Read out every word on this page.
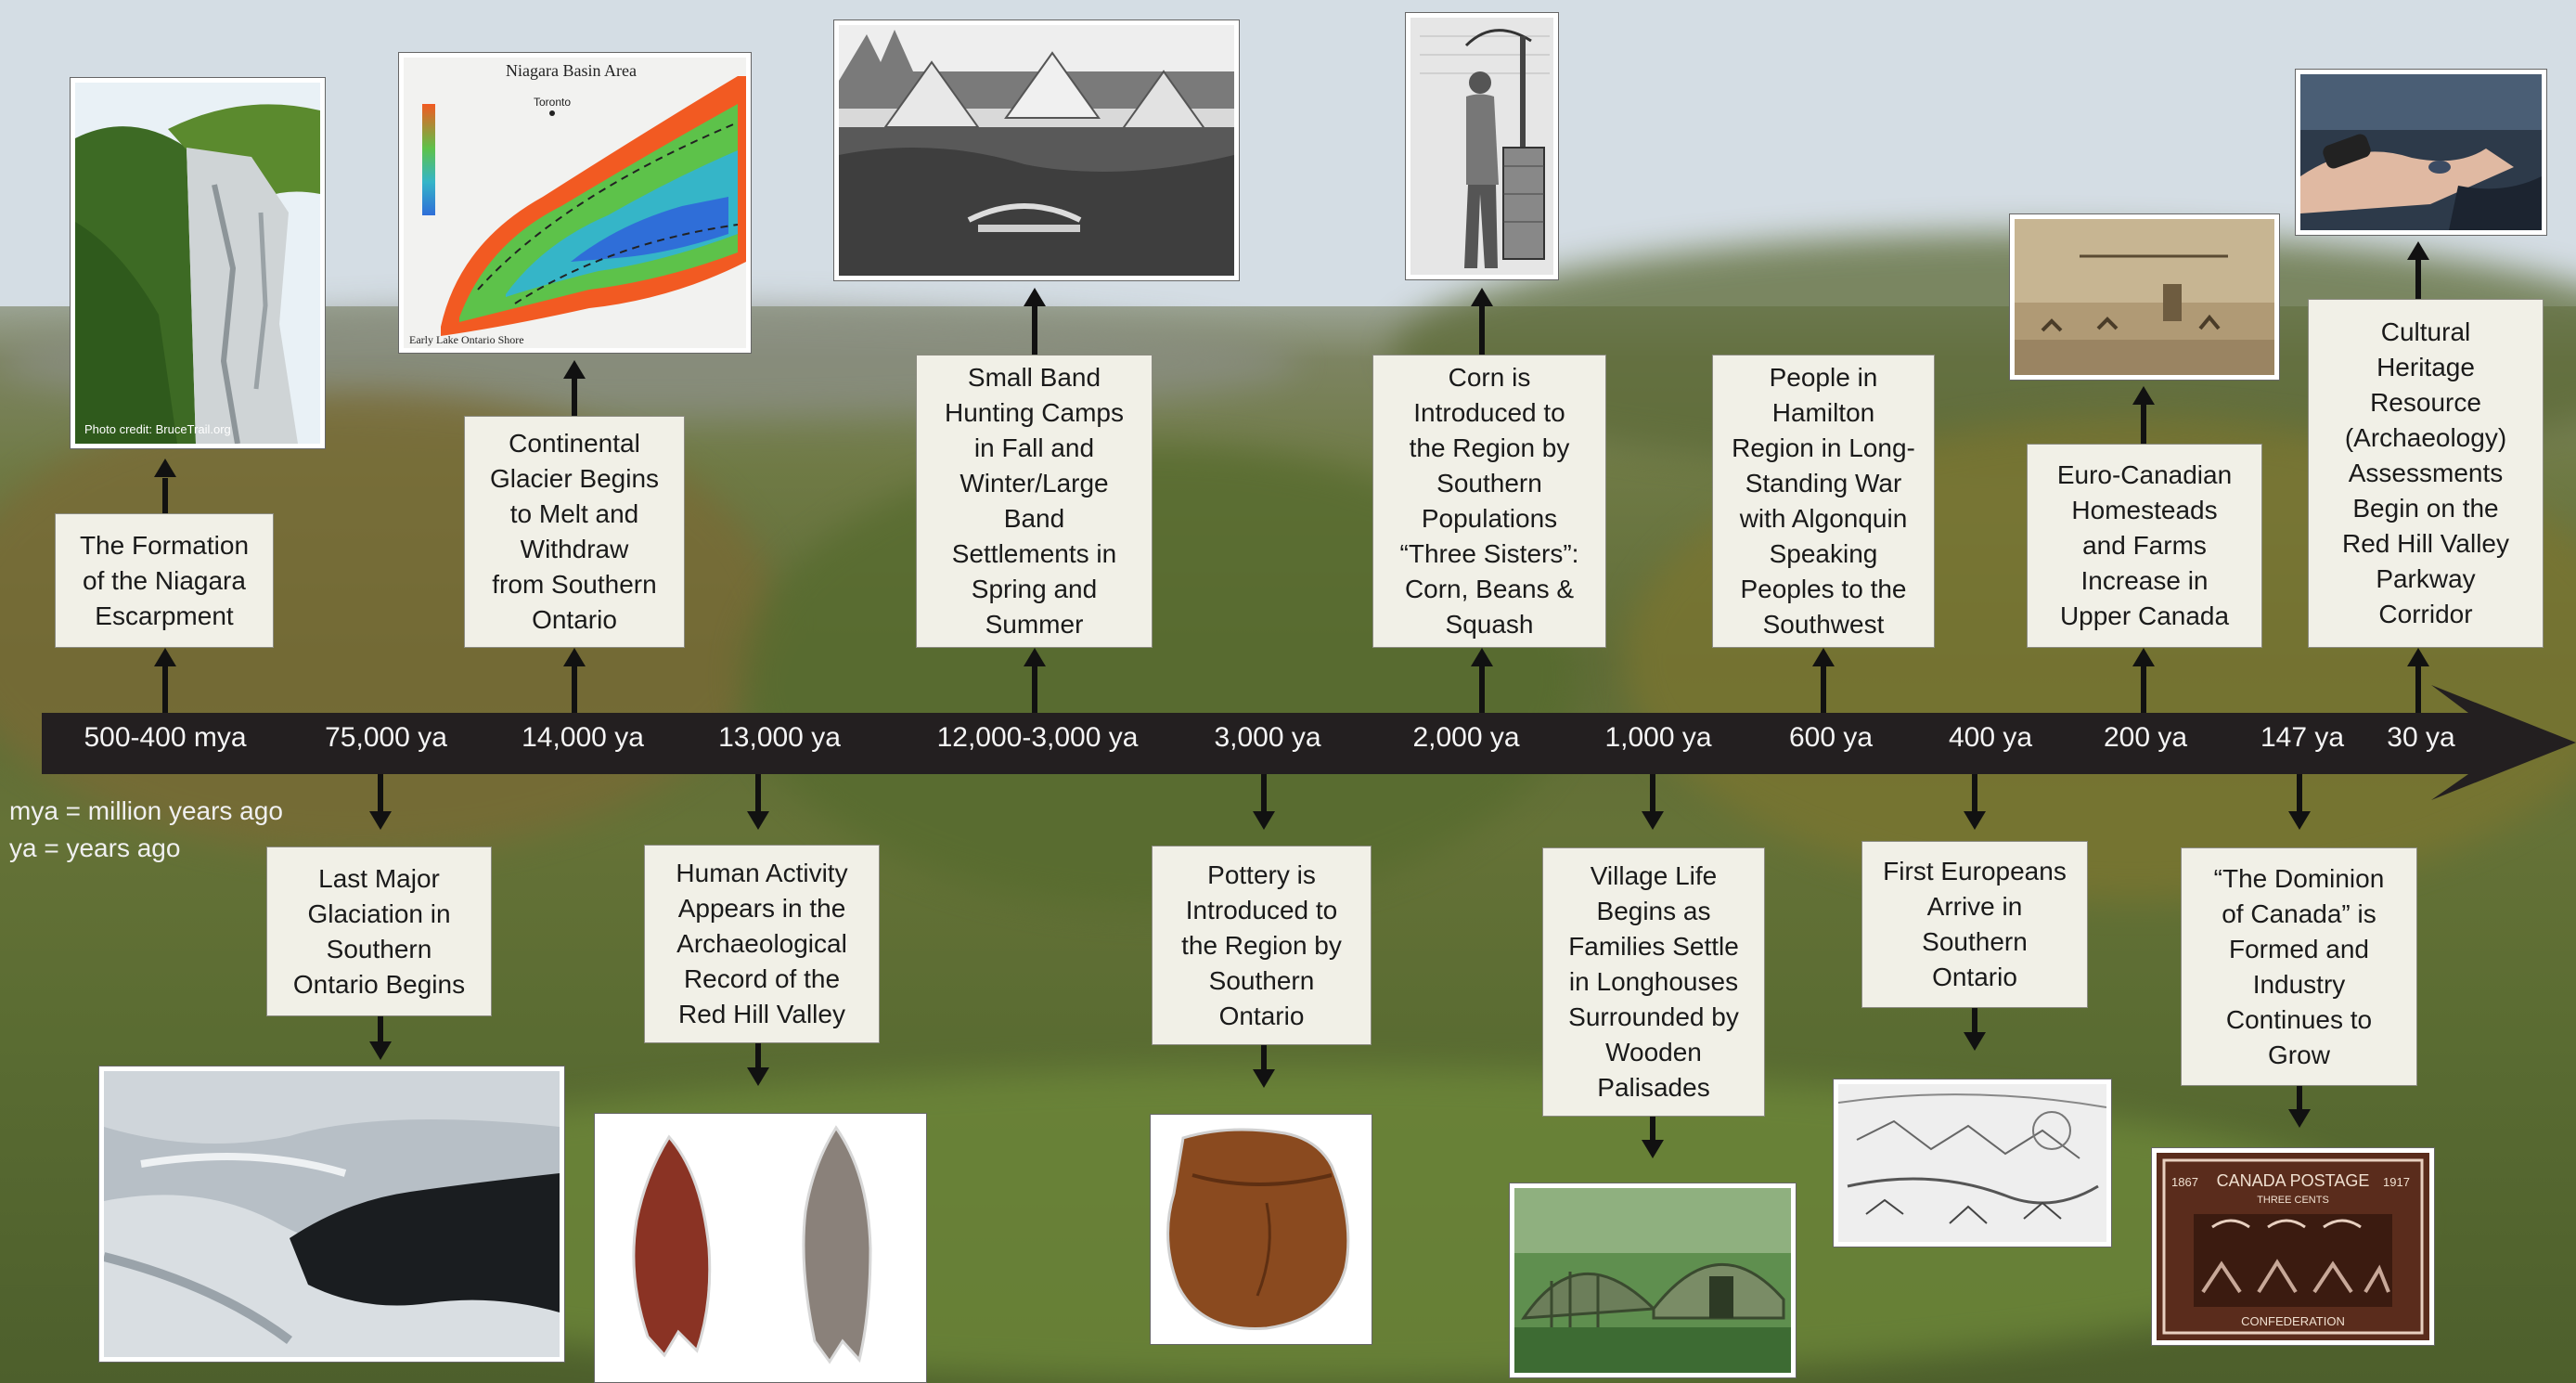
500-400 mya	75,000 ya	14,000 ya	13,000 ya	12,000-3,000 ya	3,000 ya	2,000 ya	1,000 ya	600 ya	400 ya	200 ya	147 ya 30 ya
mya = million years ago
ya = years ago
Photo credit: BruceTrail.org
The Formation
of the Niagara
Escarpment
Niagara Basin Area
Toronto
Early Lake Ontario Shore
Continental
Glacier Begins
to Melt and
Withdraw
from Southern
Ontario
Small Band
Hunting Camps
in Fall and
Winter/Large
Band
Settlements in
Spring and
Summer
Corn is
Introduced to
the Region by
Southern
Populations
“Three Sisters”:
Corn, Beans &
Squash
People in
Hamilton
Region in Long-
Standing War
with Algonquin
Speaking
Peoples to the
Southwest
Euro-Canadian
Homesteads
and Farms
Increase in
Upper Canada
Cultural
Heritage
Resource
(Archaeology)
Assessments
Begin on the
Red Hill Valley
Parkway
Corridor
Last Major
Glaciation in
Southern
Ontario Begins
Human Activity
Appears in the
Archaeological
Record of the
Red Hill Valley
Pottery is
Introduced to
the Region by
Southern
Ontario
Village Life
Begins as
Families Settle
in Longhouses
Surrounded by
Wooden
Palisades
First Europeans
Arrive in
Southern
Ontario
“The Dominion
of Canada” is
Formed and
Industry
Continues to
Grow
CANADA POSTAGE
THREE CENTS
1867	1917
CONFEDERATION
